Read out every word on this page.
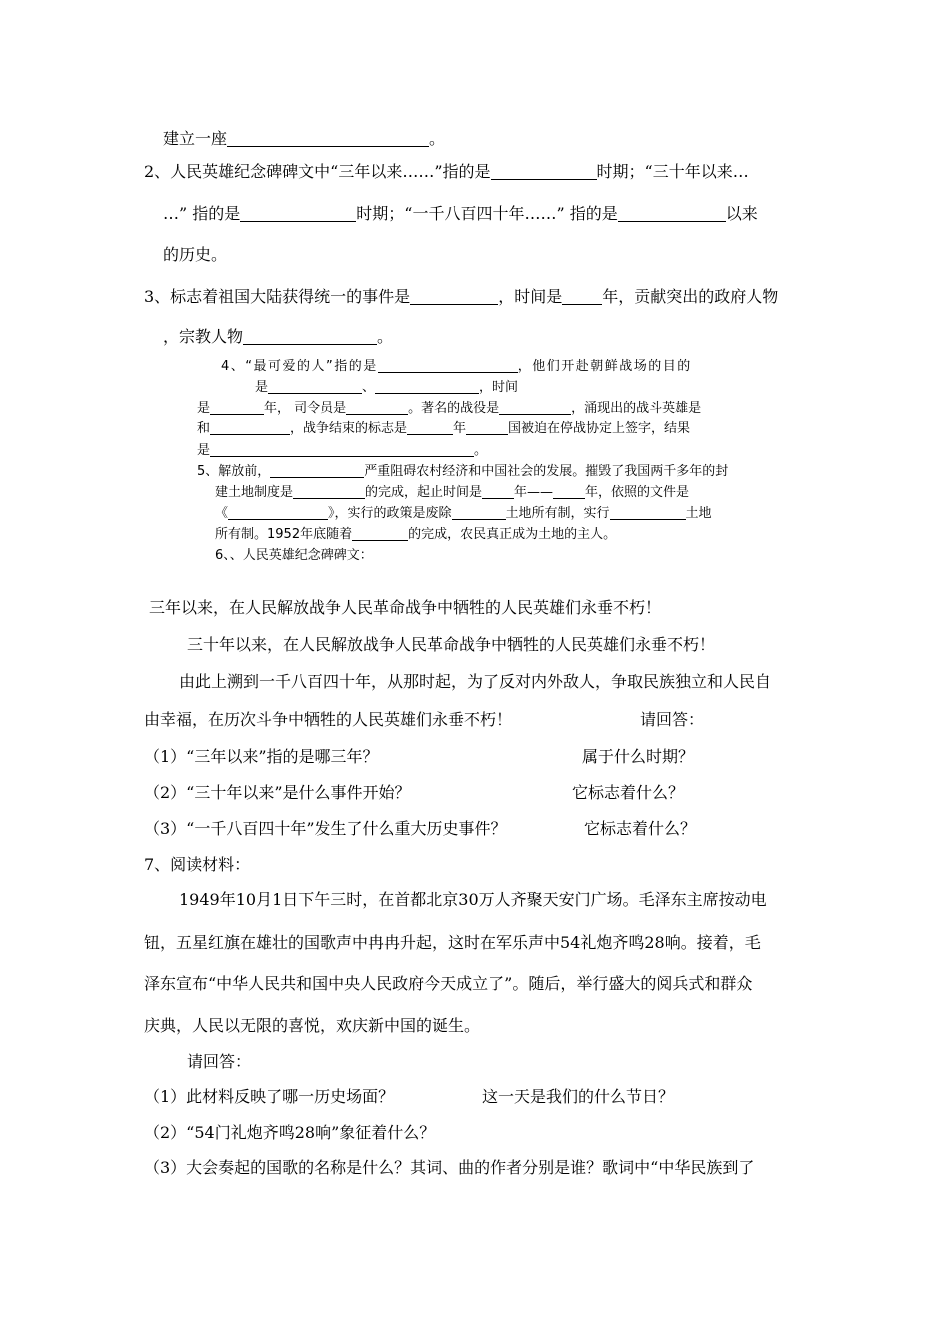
建立一座	。
2、人民英雄纪念碑碑文中“三年以来……”指的是	时期；“三十年以来…
…” 指的是	时期；“一千八百四十年……” 指的是	以来
的历史。
3、标志着祖国大陆获得统一的事件是	，时间是	年，贡献突出的政府人物
，宗教人物	。
4、“最可爱的人”指的是	，他们开赴朝鲜战场的目的
是	、	，时间
是	年， 司令员是	。著名的战役是	，涌现出的战斗英雄是
和	，战争结束的标志是	年	国被迫在停战协定上签字，结果
是	。
5、解放前，	严重阻碍农村经济和中国社会的发展。摧毁了我国两千多年的封
建土地制度是	的完成，起止时间是 年—— 年，依照的文件是
《	》，实行的政策是废除	土地所有制，实行	土地
所有制。1952年底随着	的完成，农民真正成为土地的主人。
6、、人民英雄纪念碑碑文：
三年以来，在人民解放战争人民革命战争中牺牲的人民英雄们永垂不朽！
三十年以来，在人民解放战争人民革命战争中牺牲的人民英雄们永垂不朽！
由此上溯到一千八百四十年，从那时起，为了反对内外敌人，争取民族独立和人民自
由幸福，在历次斗争中牺牲的人民英雄们永垂不朽！	请回答：
（1）“三年以来”指的是哪三年？	属于什么时期？
（2）“三十年以来”是什么事件开始？	它标志着什么？
（3）“一千八百四十年”发生了什么重大历史事件？	它标志着什么？
7、阅读材料：
1949年10月1日下午三时，在首都北京30万人齐聚天安门广场。毛泽东主席按动电
钮，五星红旗在雄壮的国歌声中冉冉升起，这时在军乐声中54礼炮齐鸣28响。接着，毛
泽东宣布“中华人民共和国中央人民政府今天成立了”。随后，举行盛大的阅兵式和群众
庆典，人民以无限的喜悦，欢庆新中国的诞生。
请回答：
（1）此材料反映了哪一历史场面？	这一天是我们的什么节日？
（2）“54门礼炮齐鸣28响”象征着什么？
（3）大会奏起的国歌的名称是什么？其词、曲的作者分别是谁？歌词中“中华民族到了
